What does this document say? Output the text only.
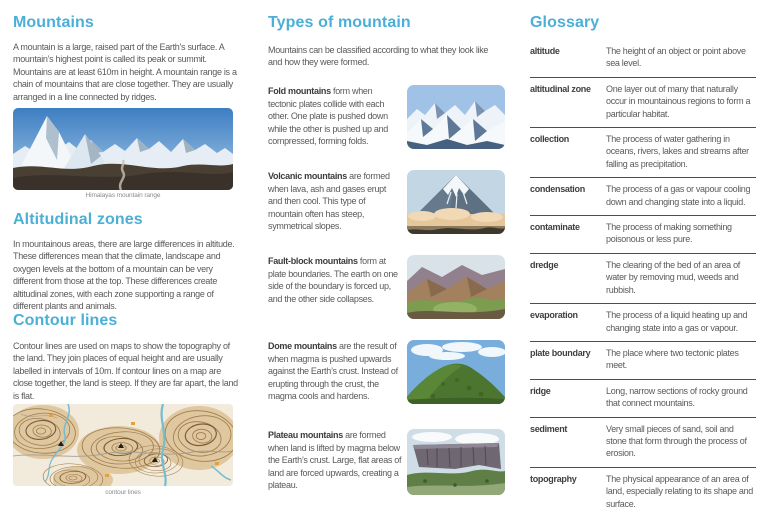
Mountains

A mountain is a large, raised part of the Earth’s surface. A mountain’s highest point is called its peak or summit. Mountains are at least 610m in height. A mountain range is a chain of mountains that are close together. They are usually arranged in a line connected by ridges.

Himalayas mountain range
Altitudinal zones

In mountainous areas, there are large differences in altitude. These differences mean that the climate, landscape and oxygen levels at the bottom of a mountain can be very different from those at the top. These differences create altitudinal zones, with each zone supporting a range of different plants and animals.

Contour lines

Contour lines are used on maps to show the topography of the land. They join places of equal height and are usually labelled in intervals of 10m. If contour lines on a map are close together, the land is steep. If they are far apart, the land is flat.

contour lines
Types of mountain

Mountains can be classified according to what they look like and how they were formed.

Fold mountains form when tectonic plates collide with each other. One plate is pushed down while the other is pushed up and compressed, forming folds.

Volcanic mountains are formed when lava, ash and gases erupt and then cool. This type of mountain often has steep, symmetrical slopes.

Fault-block mountains form at plate boundaries. The earth on one side of the boundary is forced up, and the other side collapses.

Dome mountains are the result of when magma is pushed upwards against the Earth’s crust. Instead of erupting through the crust, the magma cools and hardens.

Plateau mountains are formed when land is lifted by magma below the Earth’s crust. Large, flat areas of land are forced upwards, creating a plateau.

Glossary
altitude	The height of an object or point above sea level.
altitudinal zone	One layer out of many that naturally occur in mountainous regions to form a particular habitat.
collection	The process of water gathering in oceans, rivers, lakes and streams after falling as precipitation.
condensation	The process of a gas or vapour cooling down and changing state into a liquid.
contaminate	The process of making something poisonous or less pure.
dredge	The clearing of the bed of an area of water by removing mud, weeds and rubbish.
evaporation	The process of a liquid heating up and changing state into a gas or vapour.
plate boundary	The place where two tectonic plates meet.
ridge	Long, narrow sections of rocky ground that connect mountains.
sediment	Very small pieces of sand, soil and stone that form through the process of erosion.
topography	The physical appearance of an area of land, especially relating to its shape and surface.
